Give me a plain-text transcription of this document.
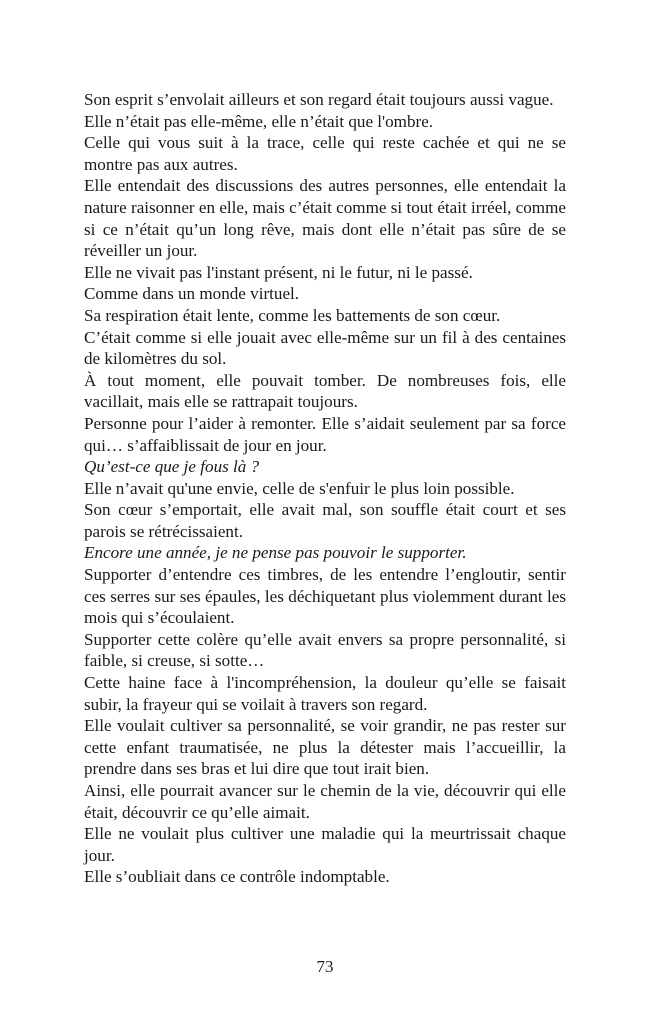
Son esprit s’envolait ailleurs et son regard était toujours aussi vague.

Elle n’était pas elle-même, elle n’était que l'ombre.

Celle qui vous suit à la trace, celle qui reste cachée et qui ne se montre pas aux autres.

Elle entendait des discussions des autres personnes, elle entendait la nature raisonner en elle, mais c’était comme si tout était irréel, comme si ce n’était qu’un long rêve, mais dont elle n’était pas sûre de se réveiller un jour.

Elle ne vivait pas l'instant présent, ni le futur, ni le passé.

Comme dans un monde virtuel.

Sa respiration était lente, comme les battements de son cœur.

C’était comme si elle jouait avec elle-même sur un fil à des centaines de kilomètres du sol.

À tout moment, elle pouvait tomber. De nombreuses fois, elle vacillait, mais elle se rattrapait toujours.

Personne pour l’aider à remonter. Elle s’aidait seulement par sa force qui… s’affaiblissait de jour en jour.

Qu’est-ce que je fous là ?

Elle n’avait qu'une envie, celle de s'enfuir le plus loin possible.

Son cœur s’emportait, elle avait mal, son souffle était court et ses parois se rétrécissaient.

Encore une année, je ne pense pas pouvoir le supporter.

Supporter d’entendre ces timbres, de les entendre l’engloutir, sentir ces serres sur ses épaules, les déchiquetant plus violemment durant les mois qui s’écoulaient.

Supporter cette colère qu’elle avait envers sa propre personnalité, si faible, si creuse, si sotte…

Cette haine face à l'incompréhension, la douleur qu’elle se faisait subir, la frayeur qui se voilait à travers son regard.

Elle voulait cultiver sa personnalité, se voir grandir, ne pas rester sur cette enfant traumatisée, ne plus la détester mais l’accueillir, la prendre dans ses bras et lui dire que tout irait bien.

Ainsi, elle pourrait avancer sur le chemin de la vie, découvrir qui elle était, découvrir ce qu’elle aimait.

Elle ne voulait plus cultiver une maladie qui la meurtrissait chaque jour.

Elle s’oubliait dans ce contrôle indomptable.

73
